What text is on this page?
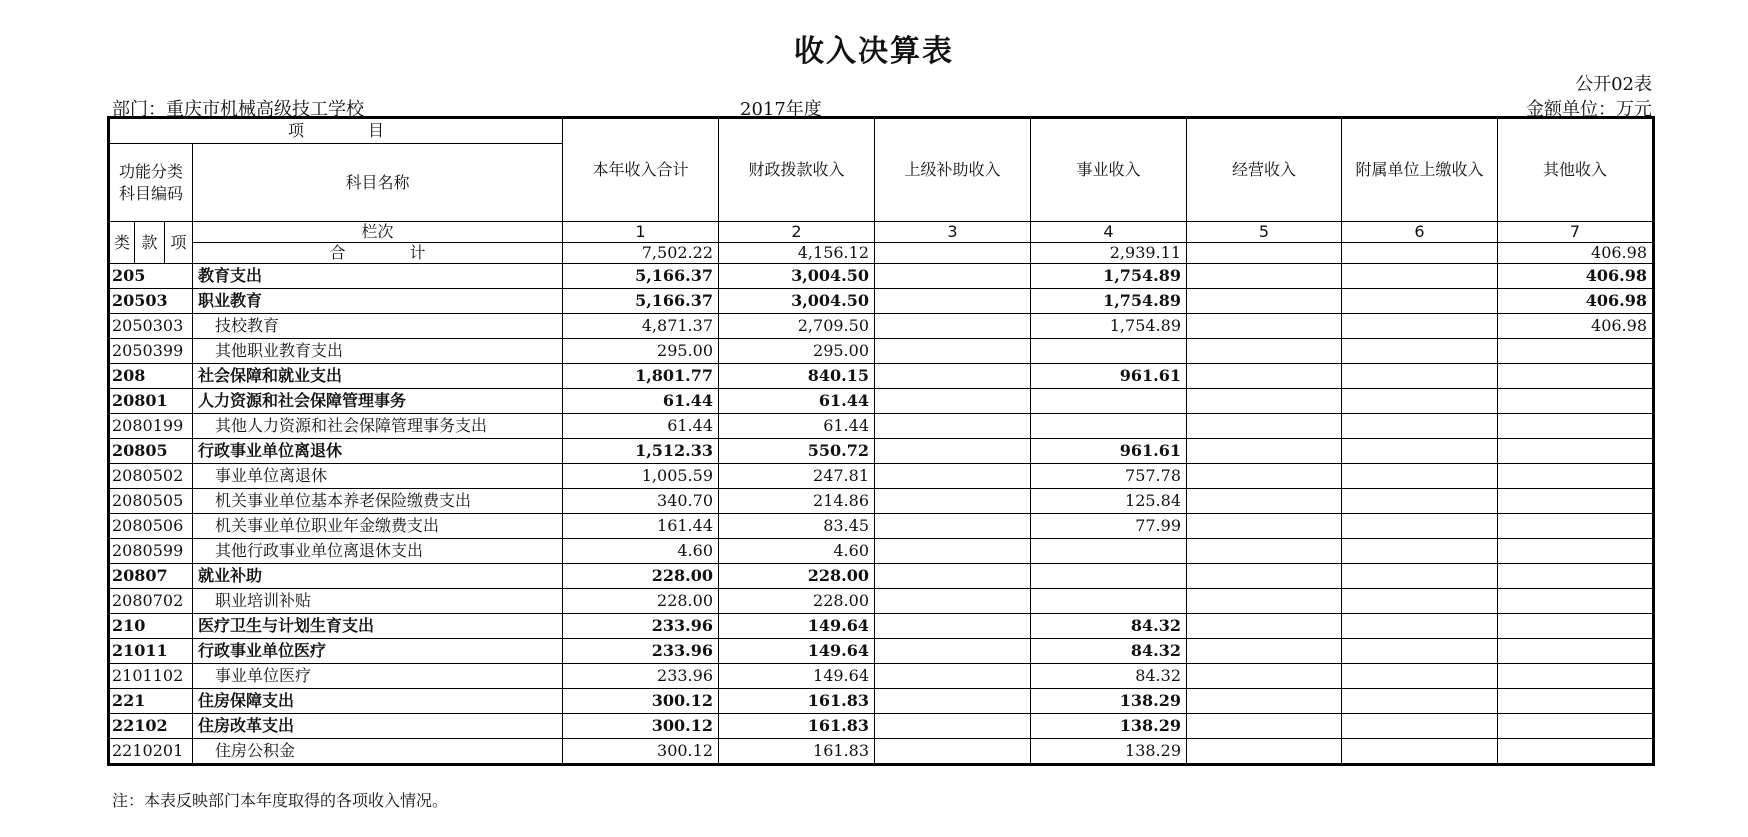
收入决算表
公开02表
部门：重庆市机械高级技工学校	2017年度	金额单位：万元
项　　　　目				本年收入合计	财政拨款收入	上级补助收入	事业收入	经营收入	附属单位上缴收入	其他收入
功能分类科目编码			科目名称							
类	款	项	栏次	1	2	3	4	5	6	7
			合　　　　计	7,502.22	4,156.12		2,939.11			406.98
205			教育支出	5,166.37	3,004.50		1,754.89			406.98
20503			职业教育	5,166.37	3,004.50		1,754.89			406.98
2050303			技校教育	4,871.37	2,709.50		1,754.89			406.98
2050399			其他职业教育支出	295.00	295.00					
208			社会保障和就业支出	1,801.77	840.15		961.61			
20801			人力资源和社会保障管理事务	61.44	61.44					
2080199			其他人力资源和社会保障管理事务支出	61.44	61.44					
20805			行政事业单位离退休	1,512.33	550.72		961.61			
2080502			事业单位离退休	1,005.59	247.81		757.78			
2080505			机关事业单位基本养老保险缴费支出	340.70	214.86		125.84			
2080506			机关事业单位职业年金缴费支出	161.44	83.45		77.99			
2080599			其他行政事业单位离退休支出	4.60	4.60					
20807			就业补助	228.00	228.00					
2080702			职业培训补贴	228.00	228.00					
210			医疗卫生与计划生育支出	233.96	149.64		84.32			
21011			行政事业单位医疗	233.96	149.64		84.32			
2101102			事业单位医疗	233.96	149.64		84.32			
221			住房保障支出	300.12	161.83		138.29			
22102			住房改革支出	300.12	161.83		138.29			
2210201			住房公积金	300.12	161.83		138.29			
注：本表反映部门本年度取得的各项收入情况。
